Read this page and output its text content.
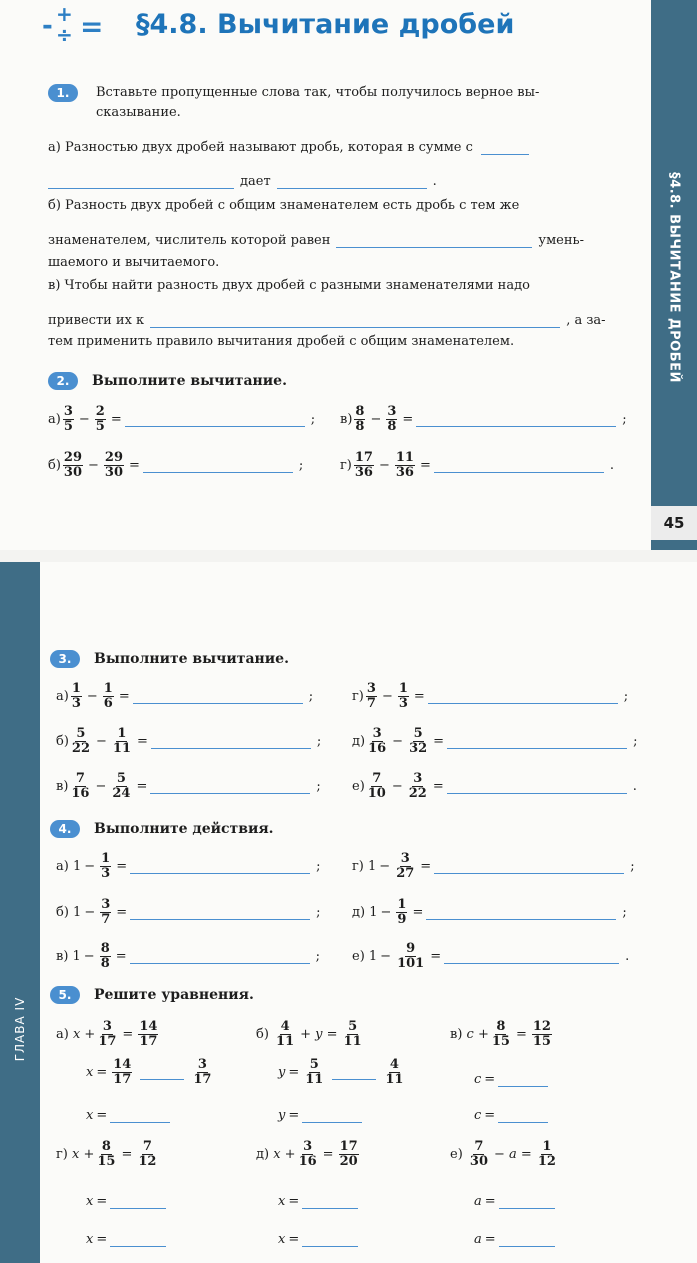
- +
÷ = §4.8. Вычитание дробей
1.	Вставьте пропущенные слова так, чтобы получилось верное вы-
сказывание.
а) Разностью двух дробей называют дробь, которая в сумме с
дает	.
б) Разность двух дробей с общим знаменателем есть дробь с тем же
знаменателем, числитель которой равен	умень-
шаемого и вычитаемого.
в) Чтобы найти разность двух дробей с разными знаменателями надо
привести их к	, а за-
тем применить правило вычитания дробей с общим знаменателем.
2.	Выполните вычитание.
$а) \frac{3}{5} - \frac{2}{5}$ =	; $в) \frac{8}{8} - \frac{3}{8}$ =	;
$б) \frac{29}{30} - \frac{29}{30}$ =	;	$г) \frac{17}{36} - \frac{11}{36}$ =	.
§4.8. ВЫЧИТАНИЕ ДРОБЕЙ
45
ГЛАВА IV
3.	Выполните вычитание.
$а) \frac{1}{3} - \frac{1}{6}$ =	;	$г) \frac{3}{7} - \frac{1}{3}$ =	;
$б) \frac{5}{22} - \frac{1}{11}$ =	; $д) \frac{3}{16} - \frac{5}{32}$ =	;
$в) \frac{7}{16} - \frac{5}{24}$ =	; $е) \frac{7}{10} - \frac{3}{22}$ =	.
4.	Выполните действия.
а) $1 - \frac{1}{3}$ =	; г) $1 - \frac{3}{27}$ =	;
б) $1 - \frac{3}{7}$ =	; д) $1 - \frac{1}{9}$ =	;
в) $1 - \frac{8}{8}$ =	; е) $1 - \frac{9}{101}$ =	.
5.	Решите уравнения.
а)
$x + \frac{3}{17} = \frac{14}{17}$
$x = \frac{14}{17}$	$\frac{3}{17}$
x =
б)
$\frac{4}{11} + y = \frac{5}{11}$
$y = \frac{5}{11}$	$\frac{4}{11}$
y =
в)
$c + \frac{8}{15} = \frac{12}{15}$
c =
c =
г)
$x + \frac{8}{15} = \frac{7}{12}$
x =
x =
д)
$x + \frac{3}{16} = \frac{17}{20}$
x =
x =
е)
$\frac{7}{30} - a = \frac{1}{12}$
a =
a =
